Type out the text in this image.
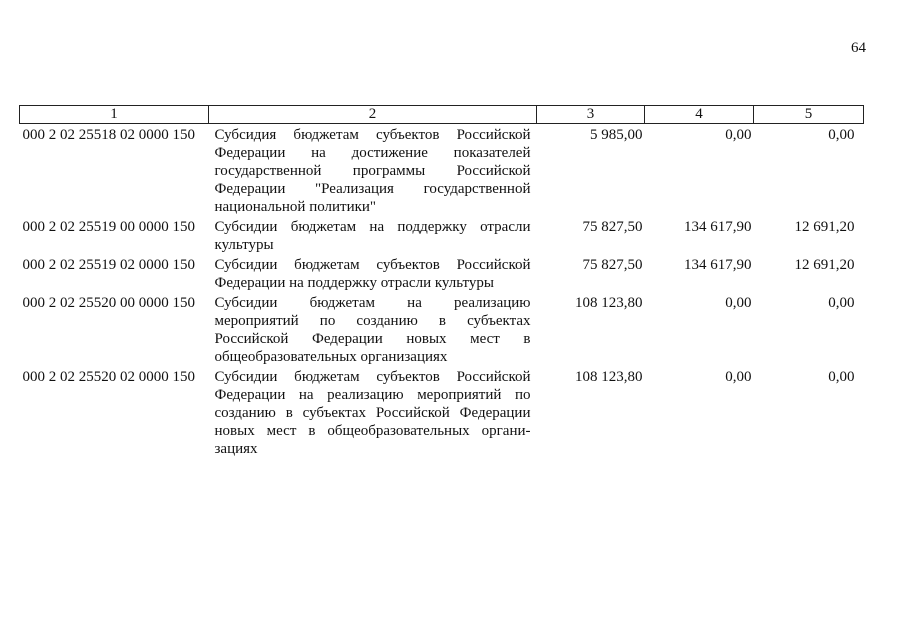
64
1	2	3	4	5
000 2 02 25518 02 0000 150	Субсидия бюджетам субъектов Российской Федерации на достижение показателей государственной программы Российской Федерации "Реализация государственной национальной политики"	5 985,00	0,00	0,00
000 2 02 25519 00 0000 150	Субсидии бюджетам на поддержку отрасли культуры	75 827,50	134 617,90	12 691,20
000 2 02 25519 02 0000 150	Субсидии бюджетам субъектов Российской Федерации на поддержку отрасли культуры	75 827,50	134 617,90	12 691,20
000 2 02 25520 00 0000 150	Субсидии бюджетам на реализацию мероприятий по созданию в субъектах Российской Федерации новых мест в общеобразовательных организациях	108 123,80	0,00	0,00
000 2 02 25520 02 0000 150	Субсидии бюджетам субъектов Российской Федерации на реализацию мероприятий по созданию в субъектах Российской Федерации новых мест в общеобразовательных органи-зациях	108 123,80	0,00	0,00
